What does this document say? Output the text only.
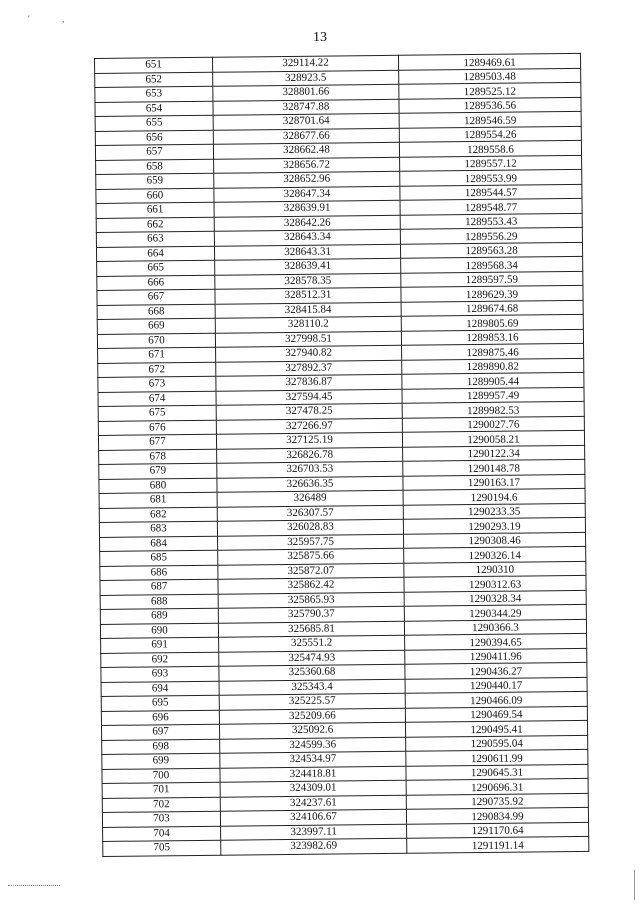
'	,
13
651	329114.22	1289469.61
652	328923.5	1289503.48
653	328801.66	1289525.12
654	328747.88	1289536.56
655	328701.64	1289546.59
656	328677.66	1289554.26
657	328662.48	1289558.6
658	328656.72	1289557.12
659	328652.96	1289553.99
660	328647.34	1289544.57
661	328639.91	1289548.77
662	328642.26	1289553.43
663	328643.34	1289556.29
664	328643.31	1289563.28
665	328639.41	1289568.34
666	328578.35	1289597.59
667	328512.31	1289629.39
668	328415.84	1289674.68
669	328110.2	1289805.69
670	327998.51	1289853.16
671	327940.82	1289875.46
672	327892.37	1289890.82
673	327836.87	1289905.44
674	327594.45	1289957.49
675	327478.25	1289982.53
676	327266.97	1290027.76
677	327125.19	1290058.21
678	326826.78	1290122.34
679	326703.53	1290148.78
680	326636.35	1290163.17
681	326489	1290194.6
682	326307.57	1290233.35
683	326028.83	1290293.19
684	325957.75	1290308.46
685	325875.66	1290326.14
686	325872.07	1290310
687	325862.42	1290312.63
688	325865.93	1290328.34
689	325790.37	1290344.29
690	325685.81	1290366.3
691	325551.2	1290394.65
692	325474.93	1290411.96
693	325360.68	1290436.27
694	325343.4	1290440.17
695	325225.57	1290466.09
696	325209.66	1290469.54
697	325092.6	1290495.41
698	324599.36	1290595.04
699	324534.97	1290611.99
700	324418.81	1290645.31
701	324309.01	1290696.31
702	324237.61	1290735.92
703	324106.67	1290834.99
704	323997.11	1291170.64
705	323982.69	1291191.14
